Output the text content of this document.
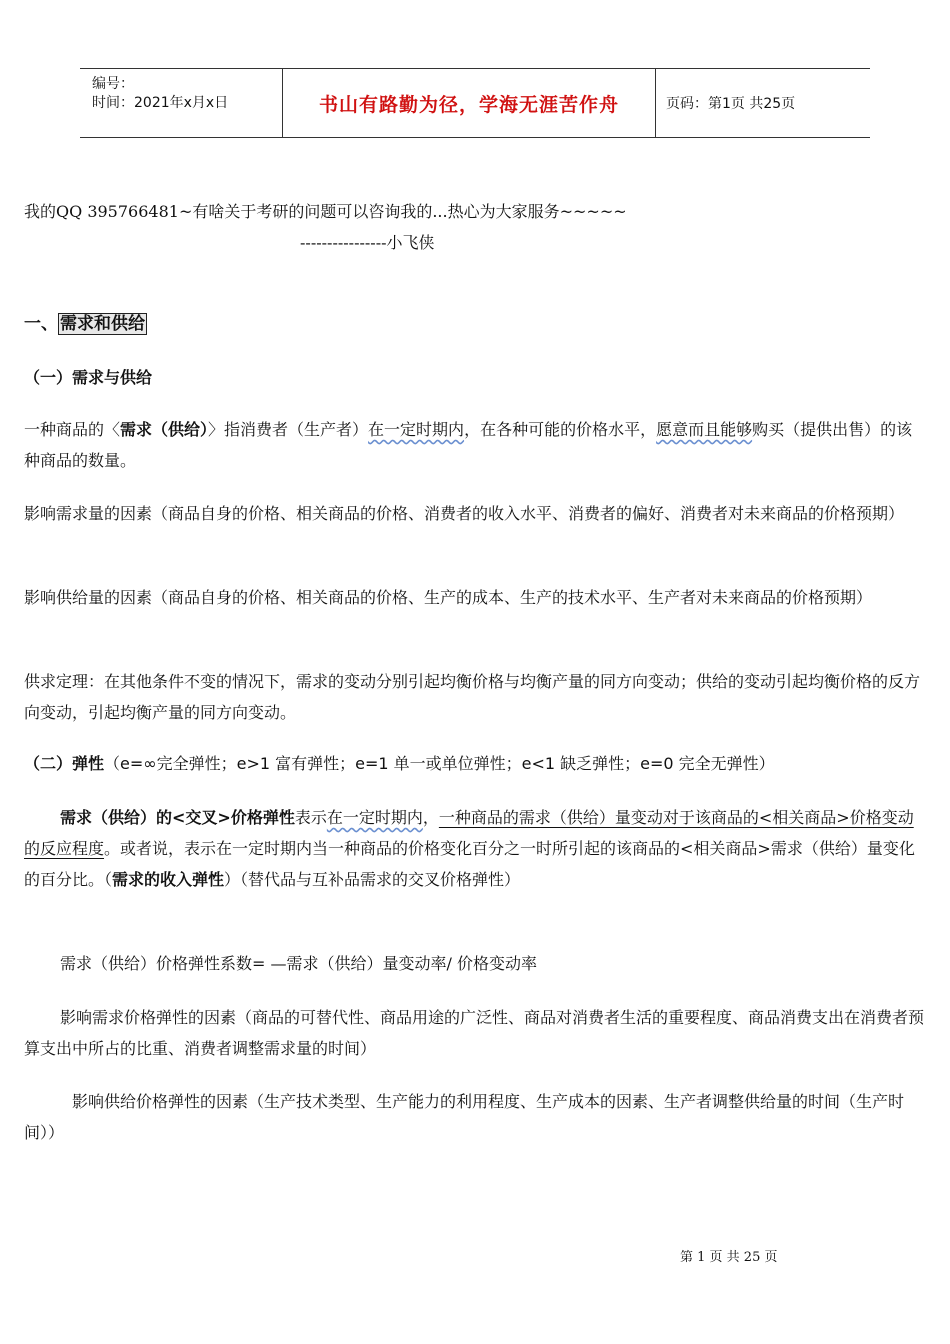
编号：
时间：2021年x月x日	书山有路勤为径，学海无涯苦作舟	页码：第1页 共25页
我的QQ 395766481~有啥关于考研的问题可以咨询我的...热心为大家服务~~~~~
----------------小飞侠
一、 需求和供给
（一）需求与供给
一种商品的〈需求（供给）〉指消费者（生产者）在一定时期内，在各种可能的价格水平，愿意而且能够购买（提供出售）的该种商品的数量。
影响需求量的因素（商品自身的价格、相关商品的价格、消费者的收入水平、消费者的偏好、消费者对未来商品的价格预期）
影响供给量的因素（商品自身的价格、相关商品的价格、生产的成本、生产的技术水平、生产者对未来商品的价格预期）
供求定理：在其他条件不变的情况下，需求的变动分别引起均衡价格与均衡产量的同方向变动；供给的变动引起均衡价格的反方向变动，引起均衡产量的同方向变动。
（二）弹性（e=∞完全弹性；e>1 富有弹性；e=1 单一或单位弹性；e<1 缺乏弹性；e=0 完全无弹性）
需求（供给）的<交叉>价格弹性表示在一定时期内，一种商品的需求（供给）量变动对于该商品的<相关商品>价格变动的反应程度。或者说，表示在一定时期内当一种商品的价格变化百分之一时所引起的该商品的<相关商品>需求（供给）量变化的百分比。（需求的收入弹性）（替代品与互补品需求的交叉价格弹性）
需求（供给）价格弹性系数= —需求（供给）量变动率/ 价格变动率
影响需求价格弹性的因素（商品的可替代性、商品用途的广泛性、商品对消费者生活的重要程度、商品消费支出在消费者预算支出中所占的比重、消费者调整需求量的时间）
影响供给价格弹性的因素（生产技术类型、生产能力的利用程度、生产成本的因素、生产者调整供给量的时间（生产时间））
第 1 页 共 25 页
